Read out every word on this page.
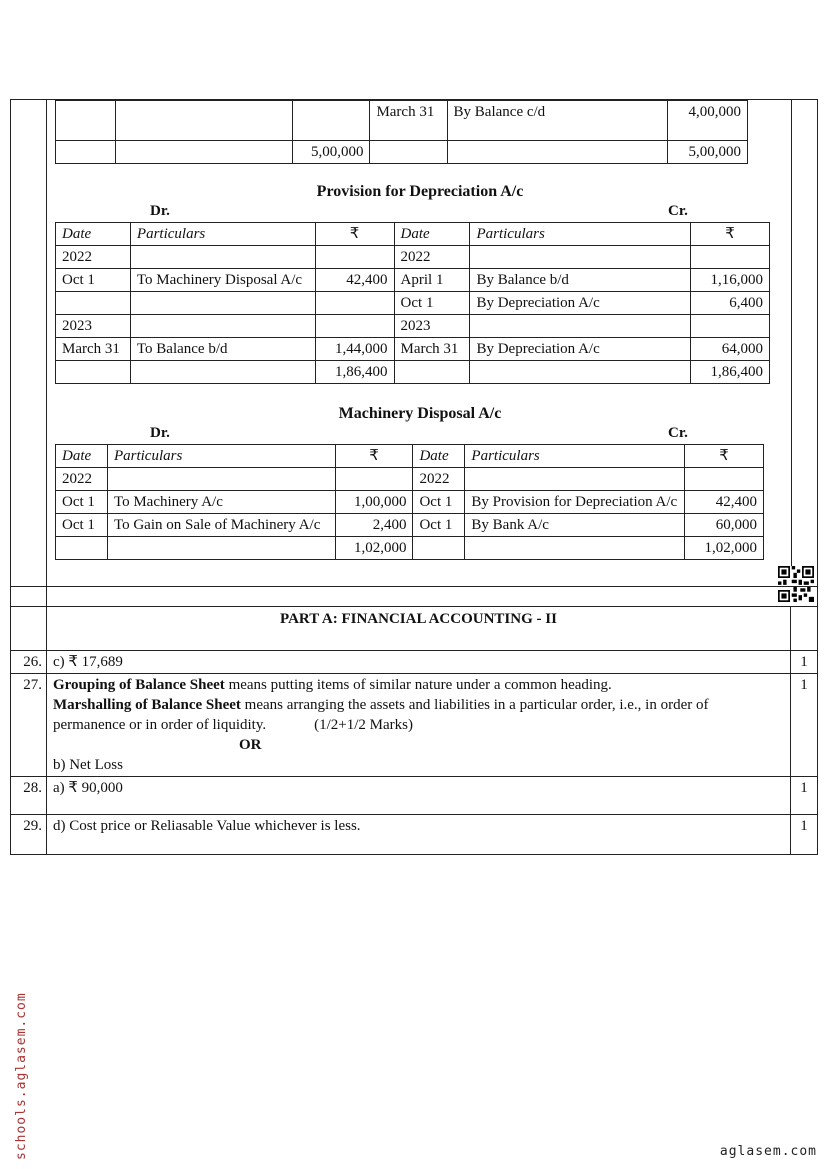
			March 31	By Balance c/d	4,00,000
		5,00,000			5,00,000
Provision for Depreciation A/c
Dr.	Cr.
Date	Particulars	₹	Date	Particulars	₹
2022			2022		
Oct 1	To Machinery Disposal A/c	42,400	April 1	By Balance b/d	1,16,000
			Oct 1	By Depreciation A/c	6,400
2023			2023		
March 31	To Balance b/d	1,44,000	March 31	By Depreciation A/c	64,000
		1,86,400			1,86,400
Machinery Disposal A/c
Dr.	Cr.
Date	Particulars	₹	Date	Particulars	₹
2022			2022		
Oct 1	To Machinery A/c	1,00,000	Oct 1	By Provision for Depreciation A/c	42,400
Oct 1	To Gain on Sale of Machinery A/c	2,400	Oct 1	By Bank A/c	60,000
		1,02,000			1,02,000

	PART A: FINANCIAL ACCOUNTING - II	
26.	c) ₹ 17,689	1
27.	Grouping of Balance Sheet means putting items of similar nature under a common heading.
Marshalling of Balance Sheet means arranging the assets and liabilities in a particular order, i.e., in order of permanence or in order of liquidity. (1/2+1/2 Marks)
OR
b) Net Loss	1
28.	a) ₹ 90,000	1
29.	d) Cost price or Reliasable Value whichever is less.	1
schools.aglasem.com	aglasem.com
